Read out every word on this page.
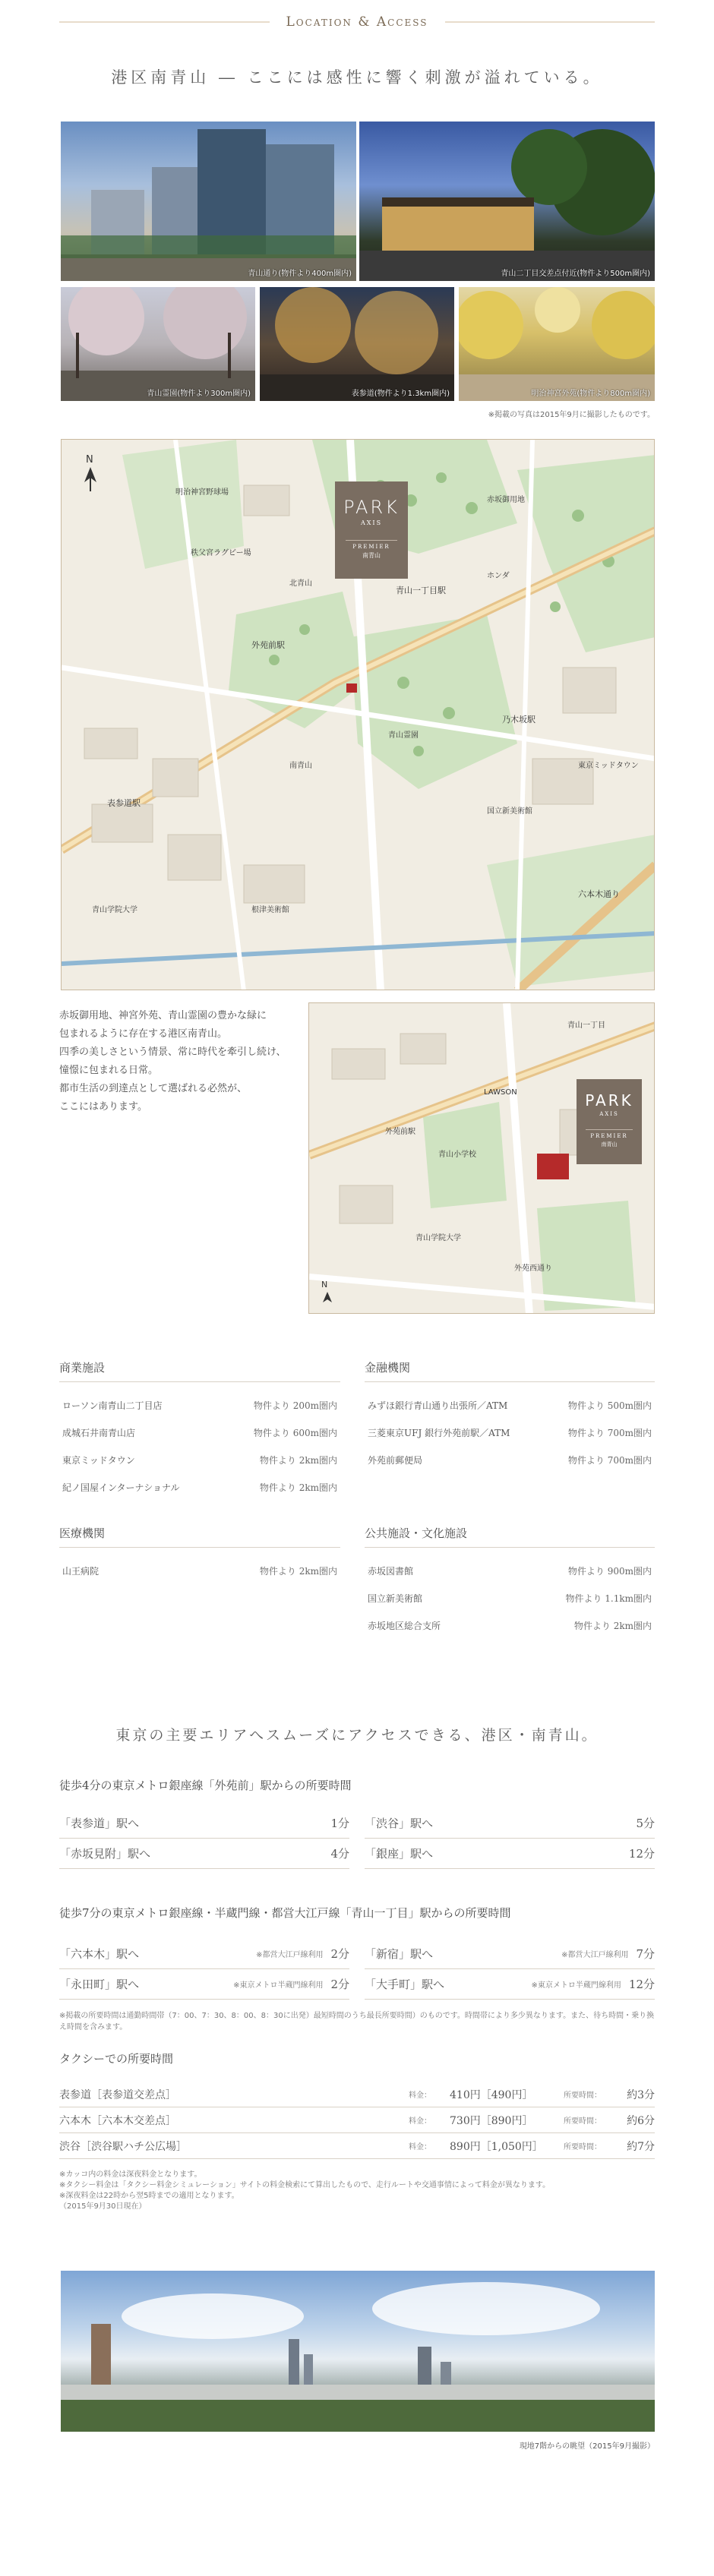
Location & Access
港区南青山 ― ここには感性に響く刺激が溢れている。
青山通り(物件より400m圏内)	青山二丁目交差点付近(物件より500m圏内)
青山霊園(物件より300m圏内)	表参道(物件より1.3km圏内)	明治神宮外苑(物件より800m圏内)
※掲載の写真は2015年9月に撮影したものです。
N
PARK
AXIS
PREMIER
南青山
外苑前駅
青山一丁目駅
乃木坂駅
表参道駅
六本木通り
青山霊園
赤坂御用地
国立新美術館
根津美術館
青山学院大学
東京ミッドタウン
明治神宮野球場
秩父宮ラグビー場
ホンダ
北青山
南青山
赤坂御用地、神宮外苑、青山霊園の豊かな緑に
包まれるように存在する港区南青山。
四季の美しさという情景、常に時代を牽引し続け、
憧憬に包まれる日常。
都市生活の到達点として選ばれる必然が、
ここにはあります。
N
PARK
AXIS
PREMIER
南青山
外苑前駅
青山学院大学
LAWSON
青山小学校
外苑西通り
青山一丁目
商業施設
ローソン南青山二丁目店	物件より 200m圏内
成城石井南青山店	物件より 600m圏内
東京ミッドタウン	物件より 2km圏内
紀ノ国屋インターナショナル	物件より 2km圏内
金融機関
みずほ銀行青山通り出張所／ATM	物件より 500m圏内
三菱東京UFJ 銀行外苑前駅／ATM	物件より 700m圏内
外苑前郵便局	物件より 700m圏内
医療機関
山王病院	物件より 2km圏内
公共施設・文化施設
赤坂図書館	物件より 900m圏内
国立新美術館	物件より 1.1km圏内
赤坂地区総合支所	物件より 2km圏内
東京の主要エリアへスムーズにアクセスできる、港区・南青山。
徒歩4分の東京メトロ銀座線「外苑前」駅からの所要時間
「表参道」駅へ	1分
「赤坂見附」駅へ	4分
「渋谷」駅へ	5分
「銀座」駅へ	12分
徒歩7分の東京メトロ銀座線・半蔵門線・都営大江戸線「青山一丁目」駅からの所要時間
「六本木」駅へ	※都営大江戸線利用 2分
「永田町」駅へ	※東京メトロ半蔵門線利用 2分
「新宿」駅へ	※都営大江戸線利用 7分
「大手町」駅へ	※東京メトロ半蔵門線利用 12分
※掲載の所要時間は通勤時間帯（7：00、7：30、8：00、8：30に出発）最短時間のうち最長所要時間）のものです。時間帯により多少異なります。また、待ち時間・乗り換え時間を含みます。
タクシーでの所要時間
表参道［表参道交差点］	料金：	410円［490円］	所要時間：	約3分
六本木［六本木交差点］	料金：	730円［890円］	所要時間：	約6分
渋谷［渋谷駅ハチ公広場］	料金：	890円［1,050円］	所要時間：	約7分
※カッコ内の料金は深夜料金となります。
※タクシー料金は「タクシー料金シミュレーション」サイトの料金検索にて算出したもので、走行ルートや交通事情によって料金が異なります。
※深夜料金は22時から翌5時までの適用となります。
（2015年9月30日現在）
現地7階からの眺望（2015年9月撮影）
